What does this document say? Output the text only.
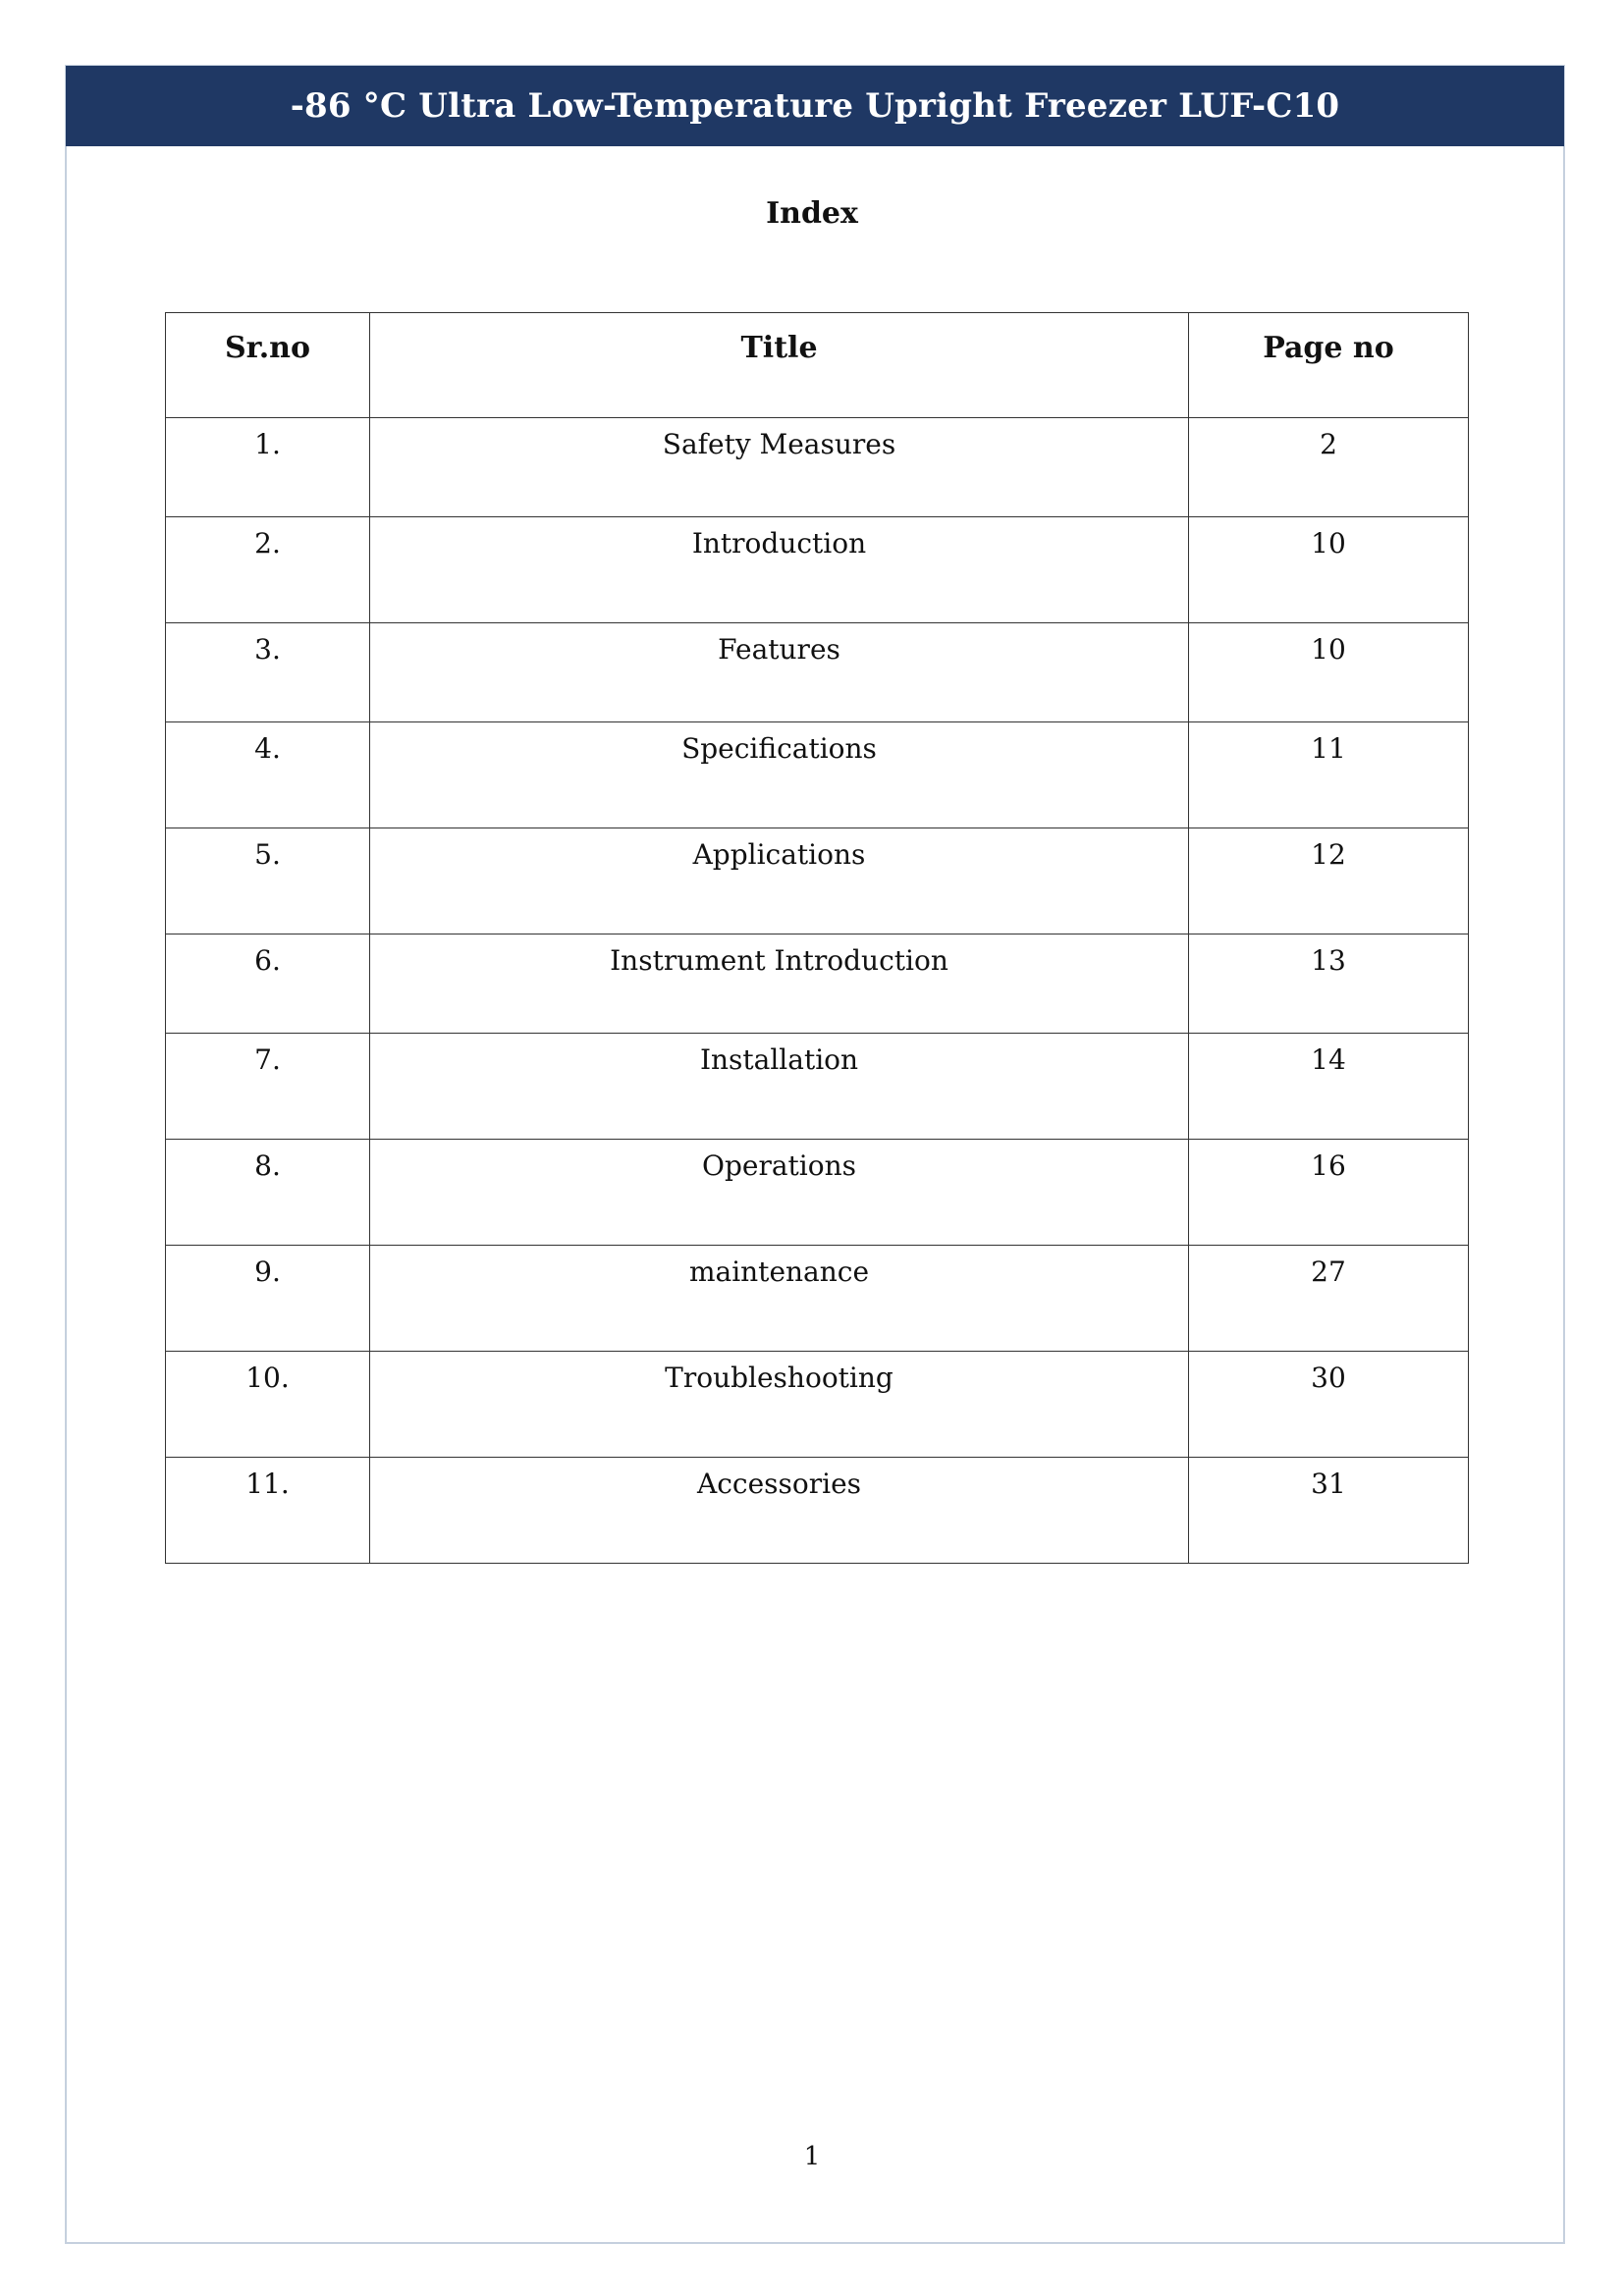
-86 °C Ultra Low-Temperature Upright Freezer LUF-C10
Index
Sr.no	Title	Page no
1.	Safety Measures	2
2.	Introduction	10
3.	Features	10
4.	Specifications	11
5.	Applications	12
6.	Instrument Introduction	13
7.	Installation	14
8.	Operations	16
9.	maintenance	27
10.	Troubleshooting	30
11.	Accessories	31
1
